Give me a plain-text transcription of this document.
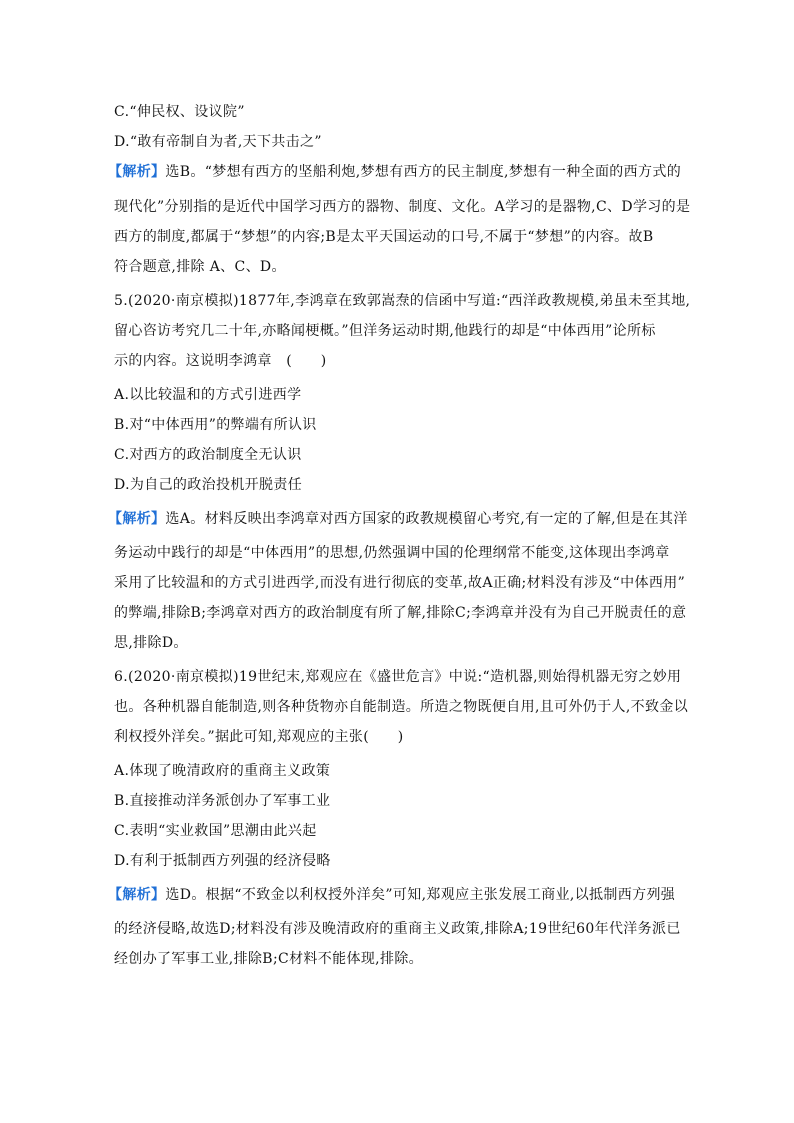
C.“伸民权、设议院”
D.“敢有帝制自为者,天下共击之”
【解析】选B。“梦想有西方的坚船利炮,梦想有西方的民主制度,梦想有一种全面的西方式的
现代化”分别指的是近代中国学习西方的器物、制度、文化。A学习的是器物,C、D学习的是
西方的制度,都属于“梦想”的内容;B是太平天国运动的口号,不属于“梦想”的内容。故B
符合题意,排除 A、C、D。
5.(2020·南京模拟)1877年,李鸿章在致郭嵩焘的信函中写道:“西洋政教规模,弟虽未至其地,
留心咨访考究几二十年,亦略闻梗概。”但洋务运动时期,他践行的却是“中体西用”论所标
示的内容。这说明李鸿章　(　　)
A.以比较温和的方式引进西学
B.对“中体西用”的弊端有所认识
C.对西方的政治制度全无认识
D.为自己的政治投机开脱责任
【解析】选A。材料反映出李鸿章对西方国家的政教规模留心考究,有一定的了解,但是在其洋
务运动中践行的却是“中体西用”的思想,仍然强调中国的伦理纲常不能变,这体现出李鸿章
采用了比较温和的方式引进西学,而没有进行彻底的变革,故A正确;材料没有涉及“中体西用”
的弊端,排除B;李鸿章对西方的政治制度有所了解,排除C;李鸿章并没有为自己开脱责任的意
思,排除D。
6.(2020·南京模拟)19世纪末,郑观应在《盛世危言》中说:“造机器,则始得机器无穷之妙用
也。各种机器自能制造,则各种货物亦自能制造。所造之物既便自用,且可外仍于人,不致金以
利权授外洋矣。”据此可知,郑观应的主张(　　)
A.体现了晚清政府的重商主义政策
B.直接推动洋务派创办了军事工业
C.表明“实业救国”思潮由此兴起
D.有利于抵制西方列强的经济侵略
【解析】选D。根据“不致金以利权授外洋矣”可知,郑观应主张发展工商业,以抵制西方列强
的经济侵略,故选D;材料没有涉及晚清政府的重商主义政策,排除A;19世纪60年代洋务派已
经创办了军事工业,排除B;C材料不能体现,排除。
